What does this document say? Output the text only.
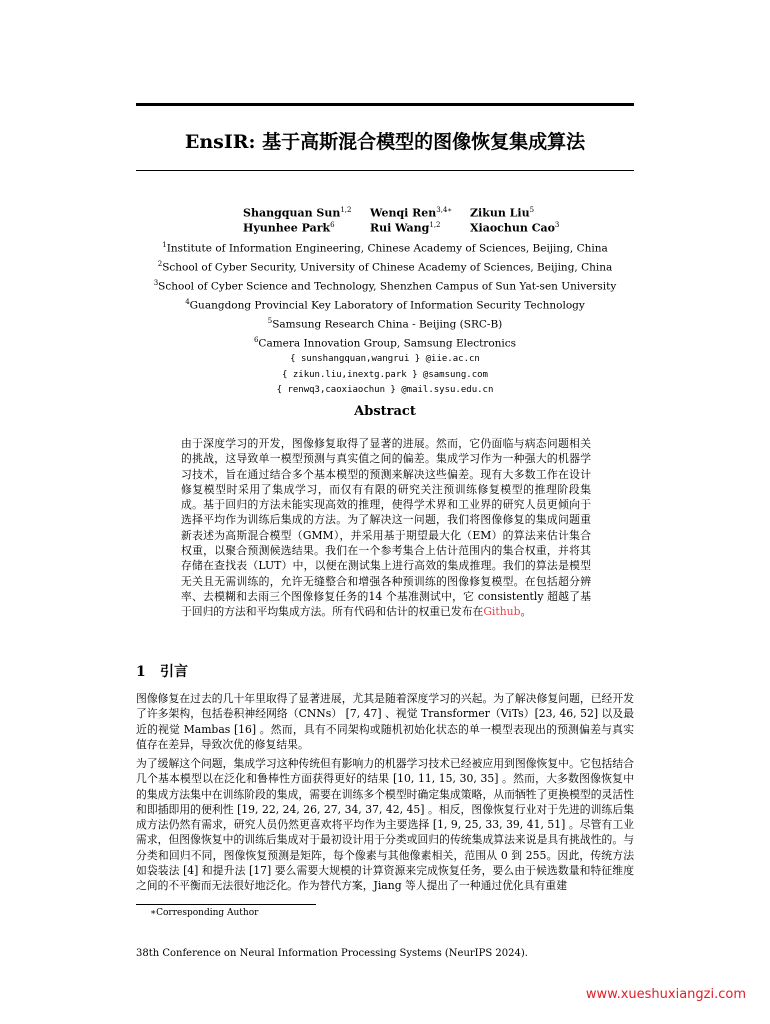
EnsIR: 基于高斯混合模型的图像恢复集成算法
Shangquan Sun$^{1,2}$ Wenqi Ren$^{3,4∗}$ Zikun Liu$^5$
Hyunhee Park$^6$	Rui Wang$^{1,2}$	Xiaochun Cao$^3$
$^1$Institute of Information Engineering, Chinese Academy of Sciences, Beijing, China
$^2$School of Cyber Security, University of Chinese Academy of Sciences, Beijing, China
$^3$School of Cyber Science and Technology, Shenzhen Campus of Sun Yat-sen University
$^4$Guangdong Provincial Key Laboratory of Information Security Technology
$^5$Samsung Research China - Beijing (SRC-B)
$^6$Camera Innovation Group, Samsung Electronics
{ sunshangquan,wangrui } @iie.ac.cn
{ zikun.liu,inextg.park } @samsung.com
{ renwq3,caoxiaochun } @mail.sysu.edu.cn
Abstract
由于深度学习的开发，图像修复取得了显著的进展。然而，它仍面临与病态问题相关的挑战，这导致单一模型预测与真实值之间的偏差。集成学习作为一种强大的机器学习技术，旨在通过结合多个基本模型的预测来解决这些偏差。现有大多数工作在设计修复模型时采用了集成学习，而仅有有限的研究关注预训练修复模型的推理阶段集成。基于回归的方法未能实现高效的推理，使得学术界和工业界的研究人员更倾向于选择平均作为训练后集成的方法。为了解决这一问题，我们将图像修复的集成问题重新表述为高斯混合模型（GMM），并采用基于期望最大化（EM）的算法来估计集合权重，以聚合预测候选结果。我们在一个参考集合上估计范围内的集合权重，并将其存储在查找表（LUT）中，以便在测试集上进行高效的集成推理。我们的算法是模型无关且无需训练的，允许无缝整合和增强各种预训练的图像修复模型。在包括超分辨率、去模糊和去雨三个图像修复任务的14 个基准测试中，它 consistently 超越了基于回归的方法和平均集成方法。所有代码和估计的权重已发布在Github。
1 引言
图像修复在过去的几十年里取得了显著进展，尤其是随着深度学习的兴起。为了解决修复问题，已经开发了许多架构，包括卷积神经网络（CNNs） [7, 47] 、视觉 Transformer（ViTs）[23, 46, 52] 以及最近的视觉 Mambas [16] 。然而，具有不同架构或随机初始化状态的单一模型表现出的预测偏差与真实值存在差异，导致次优的修复结果。
为了缓解这个问题，集成学习这种传统但有影响力的机器学习技术已经被应用到图像恢复中。它包括结合几个基本模型以在泛化和鲁棒性方面获得更好的结果 [10, 11, 15, 30, 35] 。然而，大多数图像恢复中的集成方法集中在训练阶段的集成，需要在训练多个模型时确定集成策略，从而牺牲了更换模型的灵活性和即插即用的便利性 [19, 22, 24, 26, 27, 34, 37, 42, 45] 。相反，图像恢复行业对于先进的训练后集成方法仍然有需求，研究人员仍然更喜欢将平均作为主要选择 [1, 9, 25, 33, 39, 41, 51] 。尽管有工业需求，但图像恢复中的训练后集成对于最初设计用于分类或回归的传统集成算法来说是具有挑战性的。与分类和回归不同，图像恢复预测是矩阵，每个像素与其他像素相关，范围从 0 到 255。因此，传统方法如袋装法 [4] 和提升法 [17] 要么需要大规模的计算资源来完成恢复任务，要么由于候选数量和特征维度之间的不平衡而无法很好地泛化。作为替代方案，Jiang 等人提出了一种通过优化具有重建
∗Corresponding Author
38th Conference on Neural Information Processing Systems (NeurIPS 2024).
www.xueshuxiangzi.com
